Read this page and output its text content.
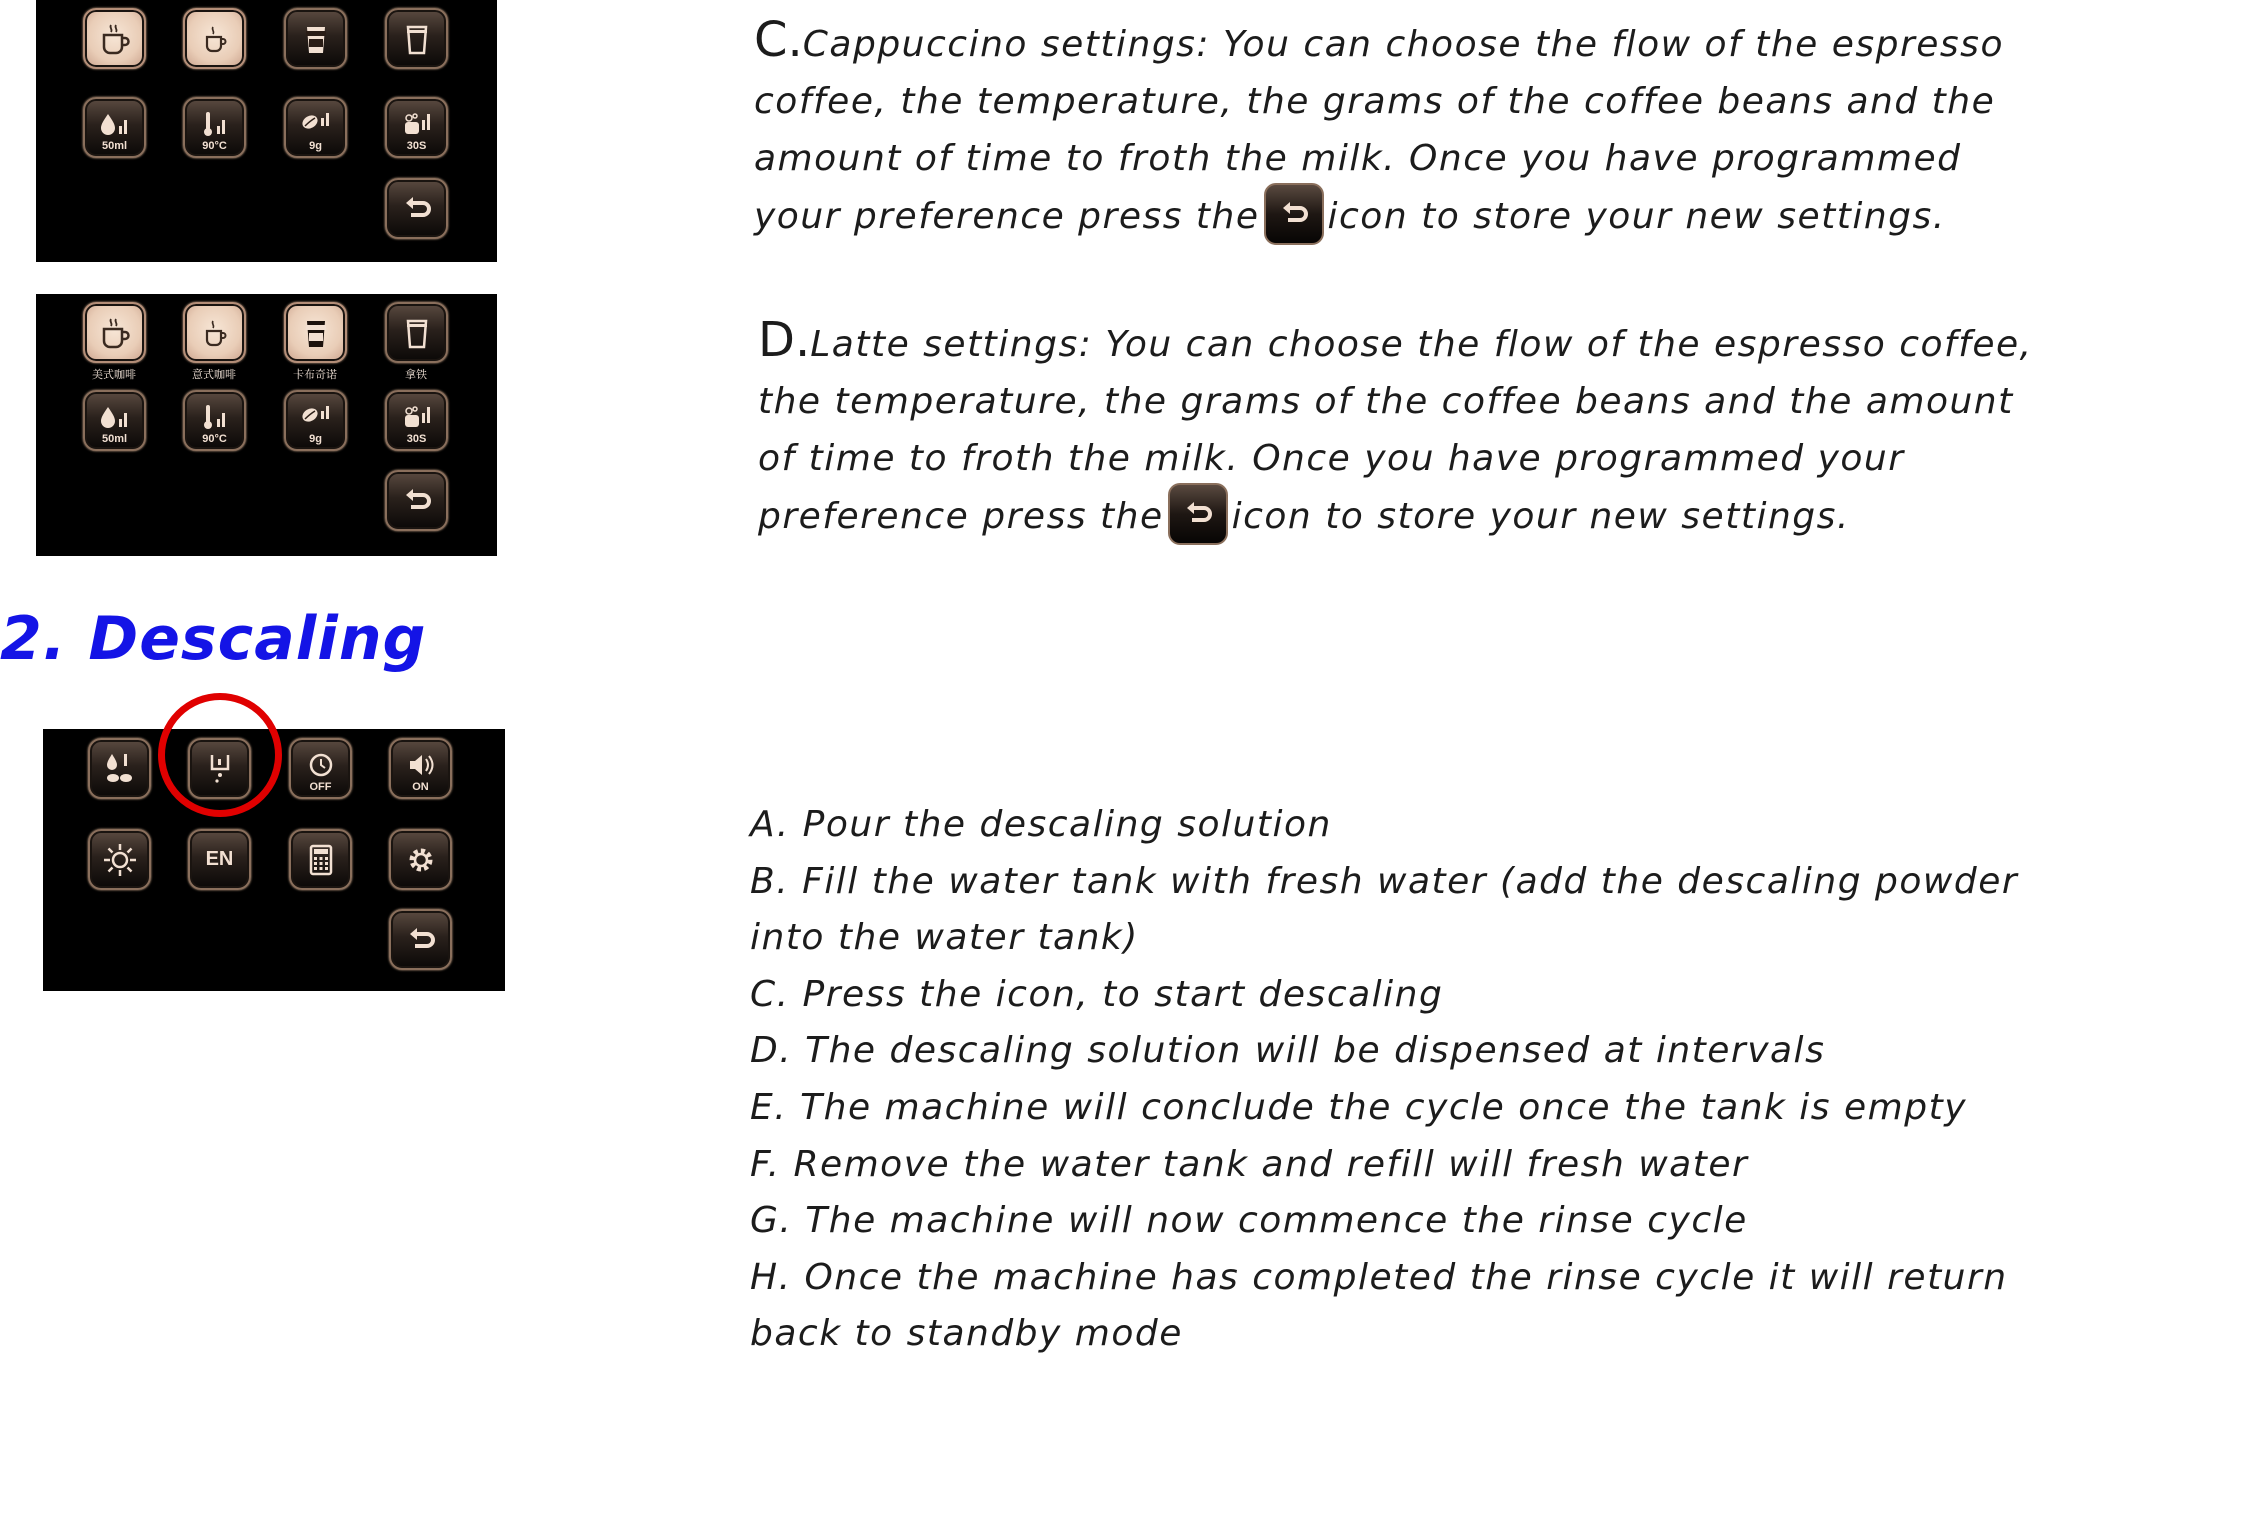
50ml	90°C	9g	30S
美式咖啡	意式咖啡	卡布奇诺	拿铁
50ml	90°C	9g	30S
2. Descaling
OFF	ON
EN
C.Cappuccino settings: You can choose the flow of the espresso
coffee, the temperature, the grams of the coffee beans and the
amount of time to froth the milk. Once you have programmed
your preference press the icon to store your new settings.
D.Latte settings: You can choose the flow of the espresso coffee,
the temperature, the grams of the coffee beans and the amount
of time to froth the milk. Once you have programmed your
preference press the icon to store your new settings.
A. Pour the descaling solution
B. Fill the water tank with fresh water (add the descaling powder
into the water tank)
C. Press the icon, to start descaling
D. The descaling solution will be dispensed at intervals
E. The machine will conclude the cycle once the tank is empty
F. Remove the water tank and refill will fresh water
G. The machine will now commence the rinse cycle
H. Once the machine has completed the rinse cycle it will return
back to standby mode
